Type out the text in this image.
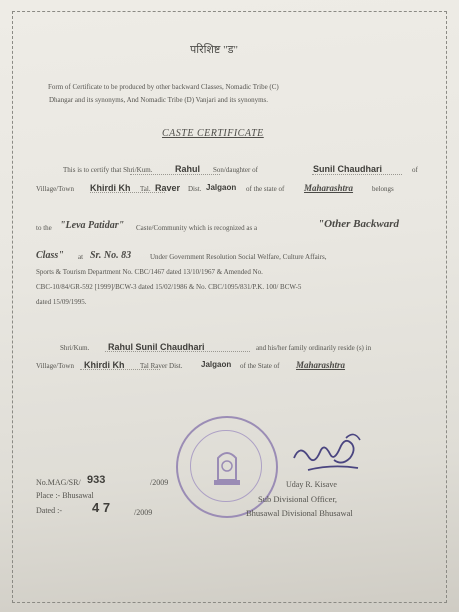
परिशिष्ट "ड"
Form of Certificate to be produced by other backward Classes, Nomadic Tribe (C)
Dhangar and its synonyms, And Nomadic Tribe (D) Vanjari and its synonyms.
CASTE CERTIFICATE
This is to certify that Shri/Kum.	Rahul Son/daughter of	Sunil Chaudhari	of
Village/Town Khirdi Kh Tal. Raver Dist. Jalgaon of the state of Maharashtra	belongs
to the "Leva Patidar" Caste/Community which is recognized as a	"Other Backward
Class" at Sr. No. 83	Under Government Resolution Social Welfare, Culture Affairs,
Sports & Tourism Department No. CBC/1467 dated 13/10/1967 & Amended No.
CBC-10/84/GR-592 [1999]/BCW-3 dated 15/02/1986 & No. CBC/1095/831/P.K. 100/ BCW-5
dated 15/09/1995.
Shri/Kum. Rahul Sunil Chaudhari	and his/her family ordinarily reside (s) in
Village/Town Khirdi Kh Tal Raver Dist. Jalgaon of the State of Maharashtra
No.MAG/SR/ 933	/2009
Place :- Bhusawal
Dated :- 4 7	/2009
Uday R. Kisave
Sub Divisional Officer,
Bhusawal Divisional Bhusawal
